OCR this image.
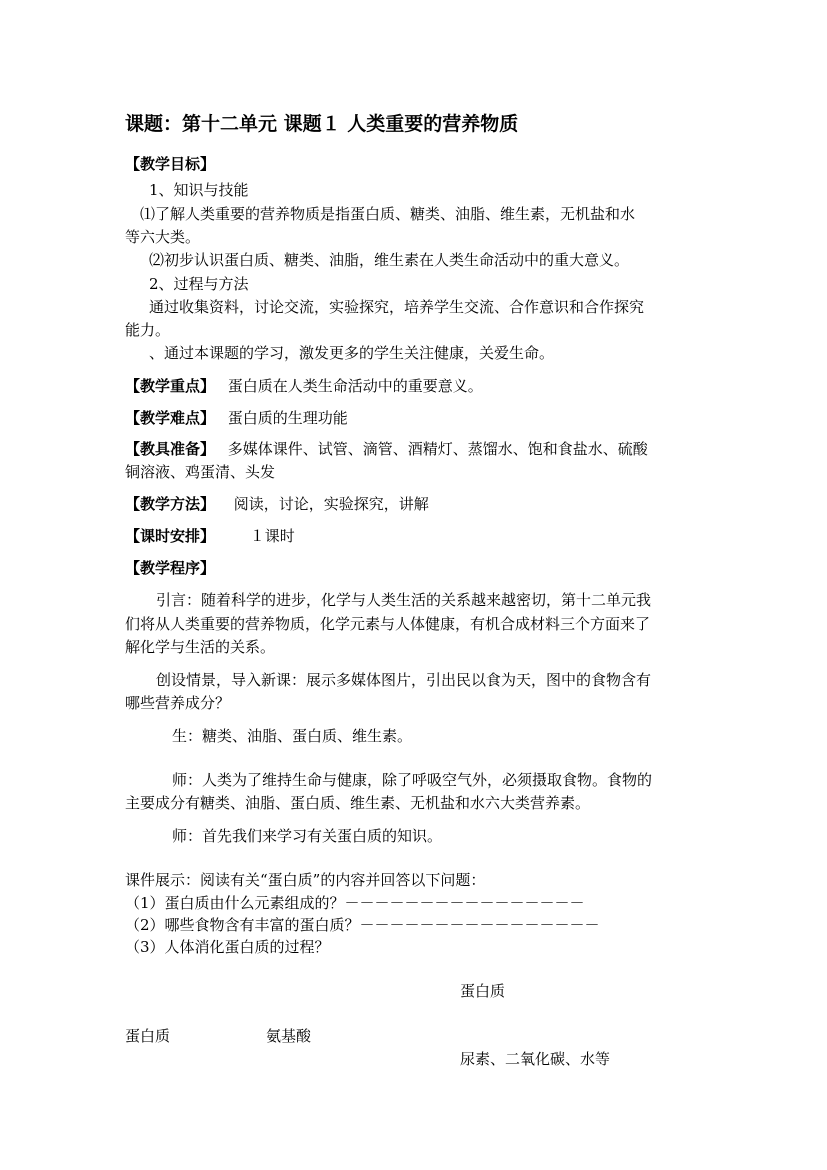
课题：第十二单元 课题１ 人类重要的营养物质
【教学目标】
1、知识与技能
⑴了解人类重要的营养物质是指蛋白质、糖类、油脂、维生素，无机盐和水
等六大类。
⑵初步认识蛋白质、糖类、油脂，维生素在人类生命活动中的重大意义。
2、过程与方法
通过收集资料，讨论交流，实验探究，培养学生交流、合作意识和合作探究
能力。
、通过本课题的学习，激发更多的学生关注健康，关爱生命。
【教学重点】 蛋白质在人类生命活动中的重要意义。
【教学难点】 蛋白质的生理功能
【教具准备】 多媒体课件、试管、滴管、酒精灯、蒸馏水、饱和食盐水、硫酸
铜溶液、鸡蛋清、头发
【教学方法】 阅读，讨论，实验探究，讲解
【课时安排】 １课时
【教学程序】
引言：随着科学的进步，化学与人类生活的关系越来越密切，第十二单元我
们将从人类重要的营养物质，化学元素与人体健康，有机合成材料三个方面来了
解化学与生活的关系。
创设情景，导入新课：展示多媒体图片，引出民以食为天，图中的食物含有
哪些营养成分？
生：糖类、油脂、蛋白质、维生素。
师：人类为了维持生命与健康，除了呼吸空气外，必须摄取食物。食物的
主要成分有糖类、油脂、蛋白质、维生素、无机盐和水六大类营养素。
师：首先我们来学习有关蛋白质的知识。
课件展示：阅读有关“蛋白质”的内容并回答以下问题：
（1）蛋白质由什么元素组成的？－－－－－－－－－－－－－－－－
（2）哪些食物含有丰富的蛋白质？－－－－－－－－－－－－－－－－
（3）人体消化蛋白质的过程？
蛋白质
蛋白质	氨基酸
尿素、二氧化碳、水等
